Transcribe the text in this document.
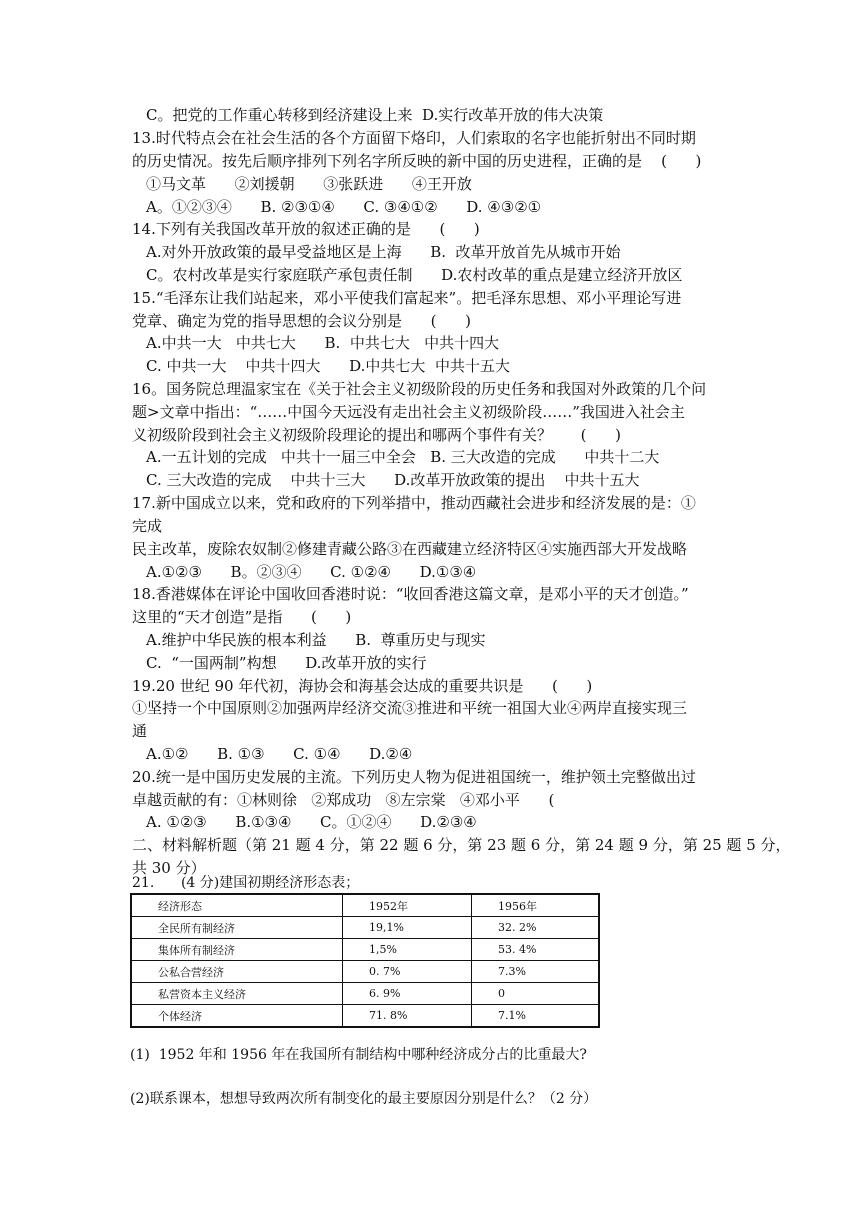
C。把党的工作重心转移到经济建设上来  D.实行改革开放的伟大决策
13.时代特点会在社会生活的各个方面留下烙印，人们索取的名字也能折射出不同时期
的历史情况。按先后顺序排列下列名字所反映的新中国的历史进程，正确的是    (      )
①马文革      ②刘援朝      ③张跃进      ④王开放
A。①②③④      B. ②③①④      C. ③④①②      D. ④③②①
14.下列有关我国改革开放的叙述正确的是      (      )
A.对外开放政策的最早受益地区是上海      B.  改革开放首先从城市开始
C。农村改革是实行家庭联产承包责任制      D.农村改革的重点是建立经济开放区
15.“毛泽东让我们站起来，邓小平使我们富起来”。把毛泽东思想、邓小平理论写进
党章、确定为党的指导思想的会议分别是      (      )
A.中共一大   中共七大      B.  中共七大   中共十四大
C. 中共一大    中共十四大      D.中共七大  中共十五大
16。国务院总理温家宝在《关于社会主义初级阶段的历史任务和我国对外政策的几个问
题>文章中指出：“……中国今天远没有走出社会主义初级阶段……”我国进入社会主
义初级阶段到社会主义初级阶段理论的提出和哪两个事件有关？      (      )
A.一五计划的完成   中共十一届三中全会   B. 三大改造的完成      中共十二大
C. 三大改造的完成    中共十三大      D.改革开放政策的提出    中共十五大
17.新中国成立以来，党和政府的下列举措中，推动西藏社会进步和经济发展的是：①
完成
民主改革，废除农奴制②修建青藏公路③在西藏建立经济特区④实施西部大开发战略
A.①②③      B。②③④      C. ①②④      D.①③④
18.香港媒体在评论中国收回香港时说：“收回香港这篇文章，是邓小平的天才创造。”
这里的“天才创造”是指      (      )
A.维护中华民族的根本利益      B.  尊重历史与现实
C.  “一国两制”构想      D.改革开放的实行
19.20 世纪 90 年代初，海协会和海基会达成的重要共识是      (      )
①坚持一个中国原则②加强两岸经济交流③推进和平统一祖国大业④两岸直接实现三
通
A.①②      B. ①③      C. ①④      D.②④
20.统一是中国历史发展的主流。下列历史人物为促进祖国统一，维护领土完整做出过
卓越贡献的有：①林则徐   ②郑成功   ⑧左宗棠   ④邓小平      (
A. ①②③      B.①③④      C。①②④      D.②③④
二、材料解析题（第 21 题 4 分，第 22 题 6 分，第 23 题 6 分，第 24 题 9 分，第 25 题 5 分，
共 30 分）
21.      (4 分)建国初期经济形态表；
经济形态	1952年	1956年
全民所有制经济	19,1%	32. 2%
集体所有制经济	1,5%	53. 4%
公私合营经济	0. 7%	7.3%
私营资本主义经济	6. 9%	0
个体经济	71. 8%	7.1%
(1)  1952 年和 1956 年在我国所有制结构中哪种经济成分占的比重最大?
(2)联系课本，想想导致两次所有制变化的最主要原因分别是什么？（2 分）
